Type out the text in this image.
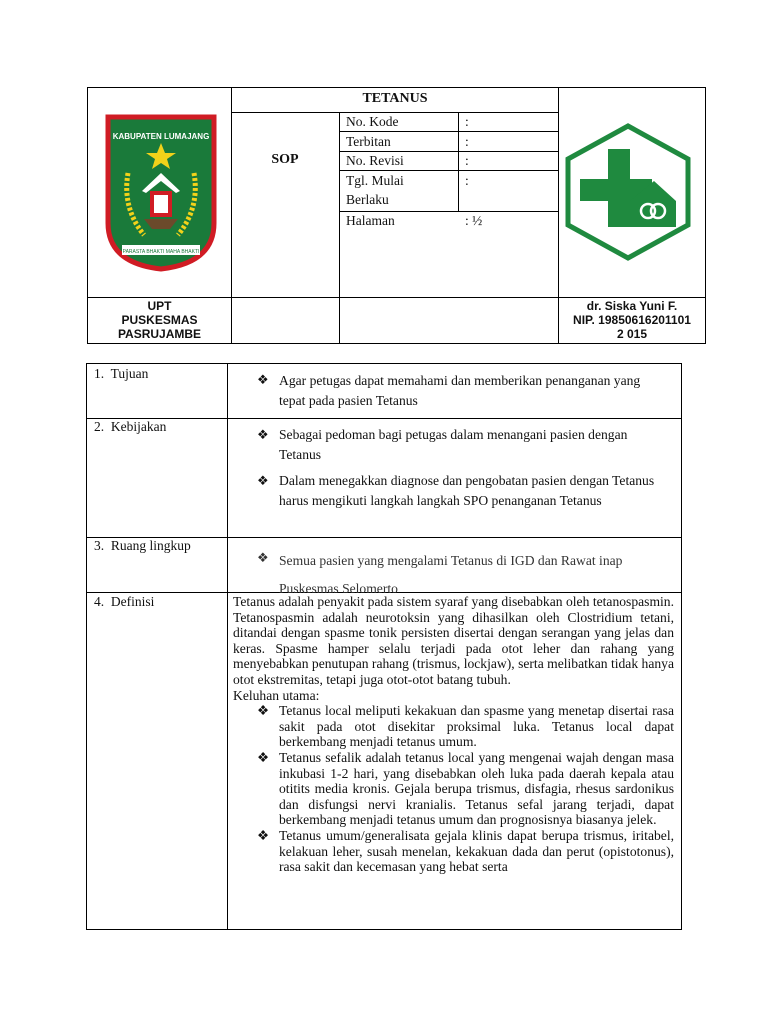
TETANUS
SOP
No. Kode	:
Terbitan	:
No. Revisi	:
Tgl. Mulai	:
Berlaku
Halaman	: ½
UPT
PUSKESMAS
PASRUJAMBE
dr. Siska Yuni F.
NIP. 19850616201101
2 015
KABUPATEN LUMAJANG
PARASTA BHAKTI MAHA BHAKTI
1.  Tujuan	❖ Agar petugas dapat memahami dan memberikan penanganan yang tepat pada pasien Tetanus
2.  Kebijakan
❖ Sebagai pedoman bagi petugas dalam menangani pasien dengan Tetanus
❖ Dalam menegakkan diagnose dan pengobatan pasien dengan Tetanus harus mengikuti langkah langkah SPO penanganan Tetanus
3.  Ruang lingkup
❖ Semua pasien yang mengalami Tetanus di IGD dan Rawat inap Puskesmas Selomerto
4.  Definisi	Tetanus adalah penyakit pada sistem syaraf yang disebabkan oleh tetanospasmin. Tetanospasmin adalah neurotoksin yang dihasilkan oleh Clostridium tetani, ditandai dengan spasme tonik persisten disertai dengan serangan yang jelas dan keras. Spasme hamper selalu terjadi pada otot leher dan rahang yang menyebabkan penutupan rahang (trismus, lockjaw), serta melibatkan tidak hanya otot ekstremitas, tetapi juga otot-otot batang tubuh.
Keluhan utama:
❖ Tetanus local meliputi kekakuan dan spasme yang menetap disertai rasa sakit pada otot disekitar proksimal luka. Tetanus local dapat berkembang menjadi tetanus umum.
❖ Tetanus sefalik adalah tetanus local yang mengenai wajah dengan masa inkubasi 1-2 hari, yang disebabkan oleh luka pada daerah kepala atau otitits media kronis. Gejala berupa trismus, disfagia, rhesus sardonikus dan disfungsi nervi kranialis. Tetanus sefal jarang terjadi, dapat berkembang menjadi tetanus umum dan prognosisnya biasanya jelek.
❖ Tetanus umum/generalisata gejala klinis dapat berupa trismus, iritabel, kelakuan leher, susah menelan, kekakuan dada dan perut (opistotonus), rasa sakit dan kecemasan yang hebat serta
